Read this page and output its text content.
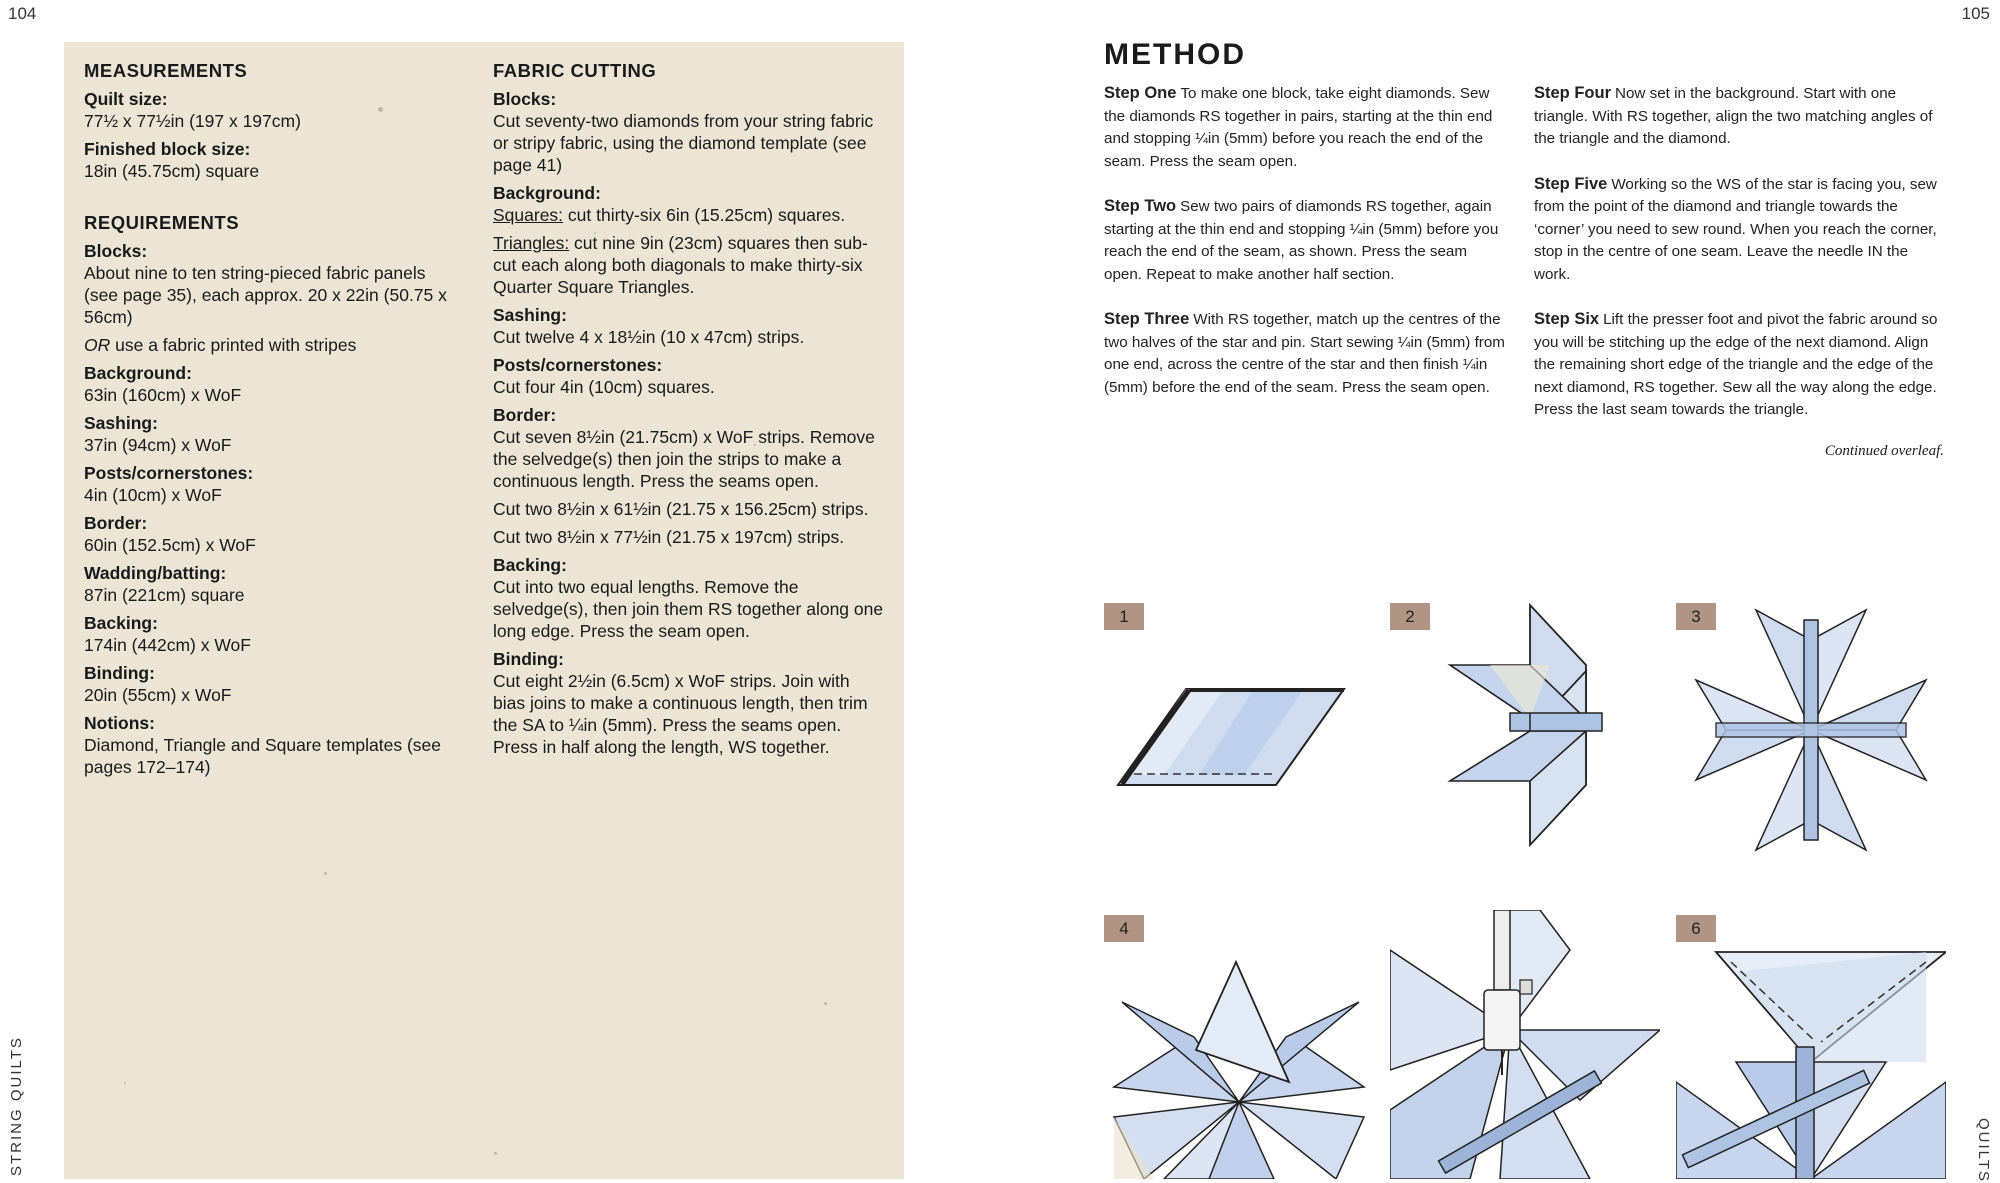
104	105
STRING QUILTS	QUILTS
MEASUREMENTS
Quilt size:
77½ x 77½in (197 x 197cm)
Finished block size:
18in (45.75cm) square
REQUIREMENTS
Blocks:
About nine to ten string-pieced fabric panels (see page 35), each approx. 20 x 22in (50.75 x 56cm)
OR use a fabric printed with stripes
Background:
63in (160cm) x WoF
Sashing:
37in (94cm) x WoF
Posts/cornerstones:
4in (10cm) x WoF
Border:
60in (152.5cm) x WoF
Wadding/batting:
87in (221cm) square
Backing:
174in (442cm) x WoF
Binding:
20in (55cm) x WoF
Notions:
Diamond, Triangle and Square templates (see pages 172–174)
FABRIC CUTTING
Blocks:
Cut seventy-two diamonds from your string fabric or stripy fabric, using the diamond template (see page 41)
Background:
Squares: cut thirty-six 6in (15.25cm) squares.
Triangles: cut nine 9in (23cm) squares then sub-cut each along both diagonals to make thirty-six Quarter Square Triangles.
Sashing:
Cut twelve 4 x 18½in (10 x 47cm) strips.
Posts/cornerstones:
Cut four 4in (10cm) squares.
Border:
Cut seven 8½in (21.75cm) x WoF strips. Remove the selvedge(s) then join the strips to make a continuous length. Press the seams open.
Cut two 8½in x 61½in (21.75 x 156.25cm) strips.
Cut two 8½in x 77½in (21.75 x 197cm) strips.
Backing:
Cut into two equal lengths. Remove the selvedge(s), then join them RS together along one long edge. Press the seam open.
Binding:
Cut eight 2½in (6.5cm) x WoF strips. Join with bias joins to make a continuous length, then trim the SA to ¼in (5mm). Press the seams open. Press in half along the length, WS together.
METHOD

Step One To make one block, take eight diamonds. Sew the diamonds RS together in pairs, starting at the thin end and stopping ¼in (5mm) before you reach the end of the seam. Press the seam open.

Step Two Sew two pairs of diamonds RS together, again starting at the thin end and stopping ¼in (5mm) before you reach the end of the seam, as shown. Press the seam open. Repeat to make another half section.

Step Three With RS together, match up the centres of the two halves of the star and pin. Start sewing ¼in (5mm) from one end, across the centre of the star and then finish ¼in (5mm) before the end of the seam. Press the seam open.

Step Four Now set in the background. Start with one triangle. With RS together, align the two matching angles of the triangle and the diamond.

Step Five Working so the WS of the star is facing you, sew from the point of the diamond and triangle towards the ‘corner’ you need to sew round. When you reach the corner, stop in the centre of one seam. Leave the needle IN the work.

Step Six Lift the presser foot and pivot the fabric around so you will be stitching up the edge of the next diamond. Align the remaining short edge of the triangle and the edge of the next diamond, RS together. Sew all the way along the edge. Press the last seam towards the triangle.

Continued overleaf.
1	2	3
4	6
